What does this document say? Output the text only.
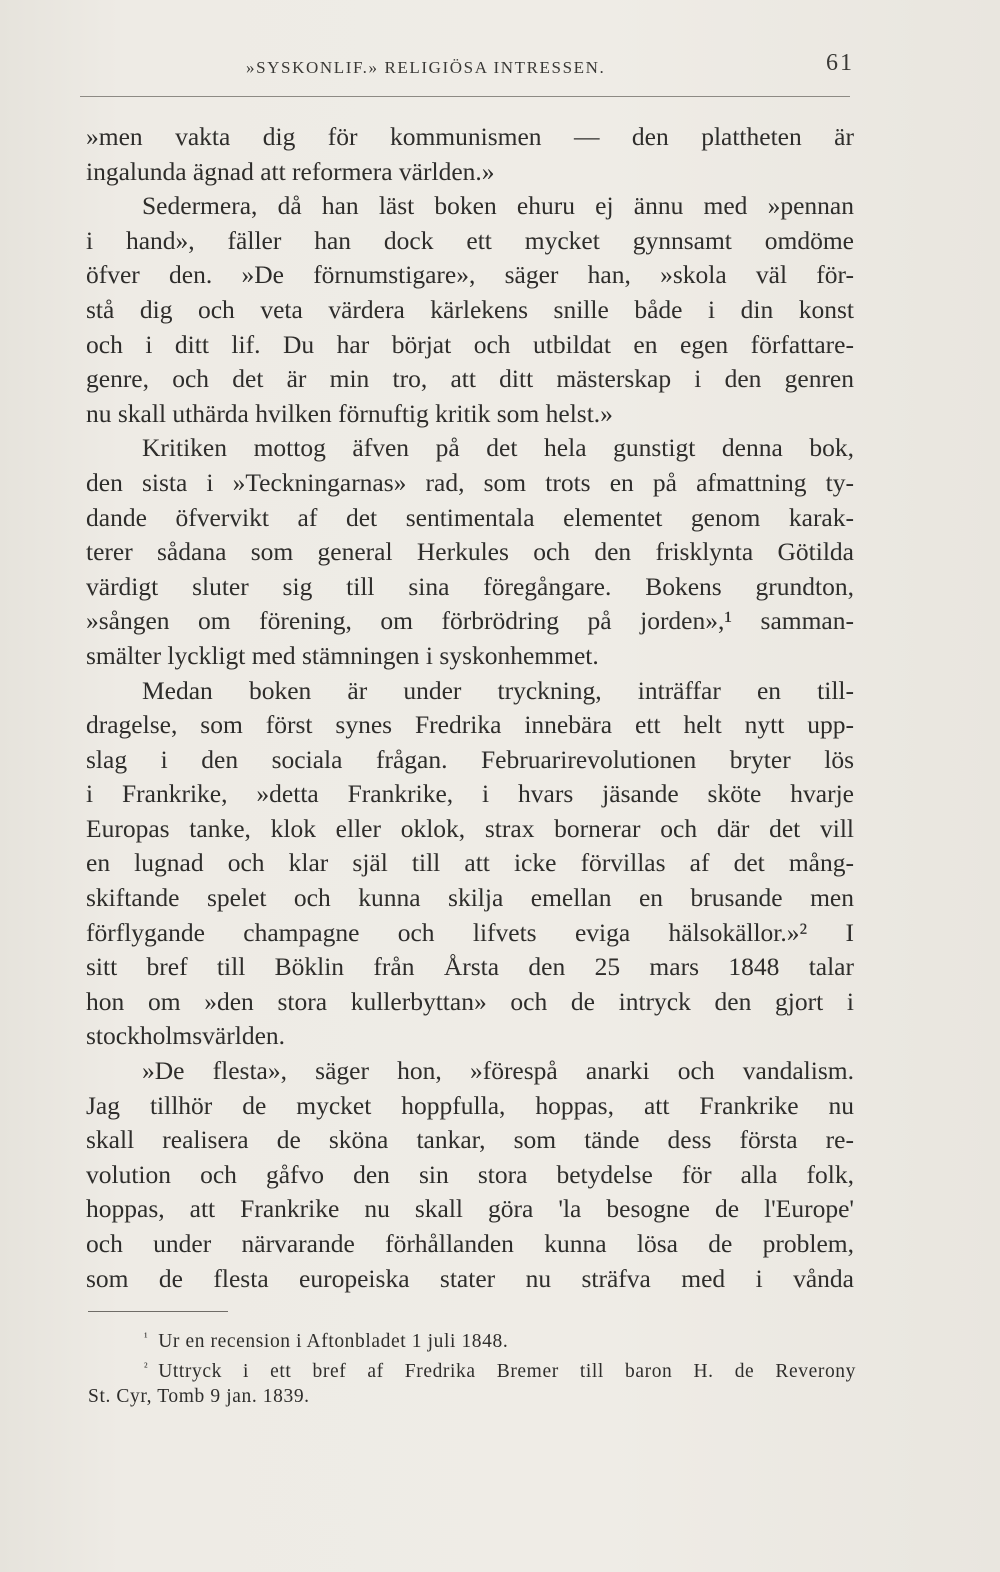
»SYSKONLIF.» RELIGIÖSA INTRESSEN.	61
»men vakta dig för kommunismen — den plattheten är
ingalunda ägnad att reformera världen.»
Sedermera, då han läst boken ehuru ej ännu med »pennan
i hand», fäller han dock ett mycket gynnsamt omdöme
öfver den. »De förnumstigare», säger han, »skola väl för-
stå dig och veta värdera kärlekens snille både i din konst
och i ditt lif. Du har börjat och utbildat en egen författare-
genre, och det är min tro, att ditt mästerskap i den genren
nu skall uthärda hvilken förnuftig kritik som helst.»
Kritiken mottog äfven på det hela gunstigt denna bok,
den sista i »Teckningarnas» rad, som trots en på afmattning ty-
dande öfvervikt af det sentimentala elementet genom karak-
terer sådana som general Herkules och den frisklynta Götilda
värdigt sluter sig till sina föregångare. Bokens grundton,
»sången om förening, om förbrödring på jorden»,¹ samman-
smälter lyckligt med stämningen i syskonhemmet.
Medan boken är under tryckning, inträffar en till-
dragelse, som först synes Fredrika innebära ett helt nytt upp-
slag i den sociala frågan. Februarirevolutionen bryter lös
i Frankrike, »detta Frankrike, i hvars jäsande sköte hvarje
Europas tanke, klok eller oklok, strax bornerar och där det vill
en lugnad och klar själ till att icke förvillas af det mång-
skiftande spelet och kunna skilja emellan en brusande men
förflygande champagne och lifvets eviga hälsokällor.»² I
sitt bref till Böklin från Årsta den 25 mars 1848 talar
hon om »den stora kullerbyttan» och de intryck den gjort i
stockholmsvärlden.
»De flesta», säger hon, »förespå anarki och vandalism.
Jag tillhör de mycket hoppfulla, hoppas, att Frankrike nu
skall realisera de sköna tankar, som tände dess första re-
volution och gåfvo den sin stora betydelse för alla folk,
hoppas, att Frankrike nu skall göra 'la besogne de l'Europe'
och under närvarande förhållanden kunna lösa de problem,
som de flesta europeiska stater nu sträfva med i vånda
$^{^1}$ Ur en recension i Aftonbladet 1 juli 1848.
$^{^2}$ Uttryck i ett bref af Fredrika Bremer till baron H. de Reverony
St. Cyr, Tomb 9 jan. 1839.
